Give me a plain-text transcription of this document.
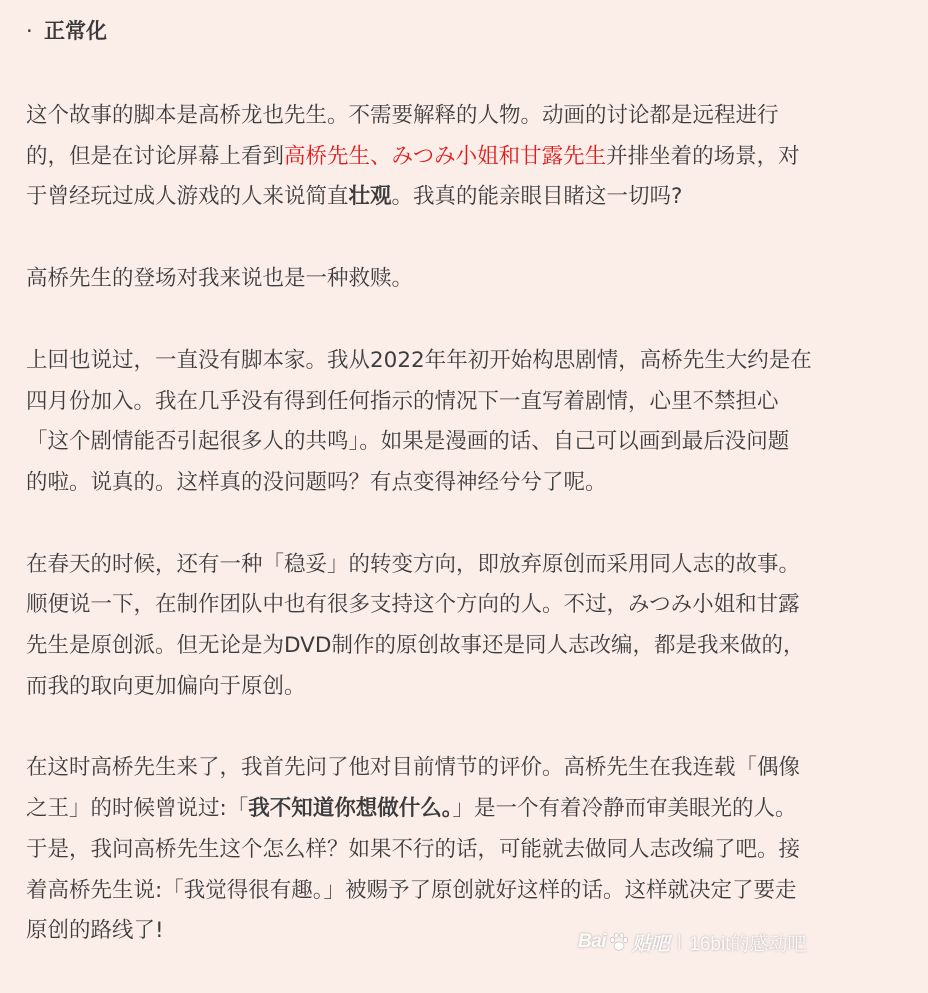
· 正常化
这个故事的脚本是高桥龙也先生。不需要解释的人物。动画的讨论都是远程进行
的，但是在讨论屏幕上看到高桥先生、みつみ小姐和甘露先生并排坐着的场景，对
于曾经玩过成人游戏的人来说简直壮观。我真的能亲眼目睹这一切吗?
高桥先生的登场对我来说也是一种救赎。
上回也说过，一直没有脚本家。我从2022年年初开始构思剧情，高桥先生大约是在
四月份加入。我在几乎没有得到任何指示的情况下一直写着剧情，心里不禁担心
「这个剧情能否引起很多人的共鸣」。如果是漫画的话、自己可以画到最后没问题
的啦。说真的。这样真的没问题吗？有点变得神经兮兮了呢。
在春天的时候，还有一种「稳妥」的转变方向，即放弃原创而采用同人志的故事。
顺便说一下，在制作团队中也有很多支持这个方向的人。不过，みつみ小姐和甘露
先生是原创派。但无论是为DVD制作的原创故事还是同人志改编，都是我来做的，
而我的取向更加偏向于原创。
在这时高桥先生来了，我首先问了他对目前情节的评价。高桥先生在我连载「偶像
之王」的时候曾说过:「我不知道你想做什么。」是一个有着冷静而审美眼光的人。
于是，我问高桥先生这个怎么样？如果不行的话，可能就去做同人志改编了吧。接
着高桥先生说:「我觉得很有趣。」被赐予了原创就好这样的话。这样就决定了要走
原创的路线了!	Bai 贴吧 | 16bit的感动吧
